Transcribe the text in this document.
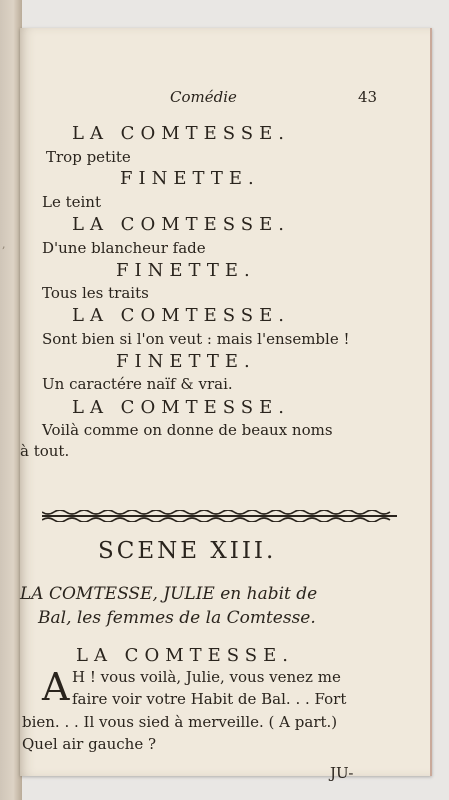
,
Comédie	43
LA COMTESSE.
Trop petite
FINETTE.
Le teint
LA COMTESSE.
D'une blancheur fade
FINETTE.
Tous les traits
LA COMTESSE.
Sont bien si l'on veut : mais l'ensemble !
FINETTE.
Un caractére naïf & vrai.
LA COMTESSE.
Voilà comme on donne de beaux noms
à tout.
SCENE XIII.
LA COMTESSE, JULIE en habit de
Bal, les femmes de la Comtesse.
LA COMTESSE.
A H ! vous voilà, Julie, vous venez me
faire voir votre Habit de Bal. . . Fort
bien. . . Il vous sied à merveille. ( A part.)
Quel air gauche ?
JU-
